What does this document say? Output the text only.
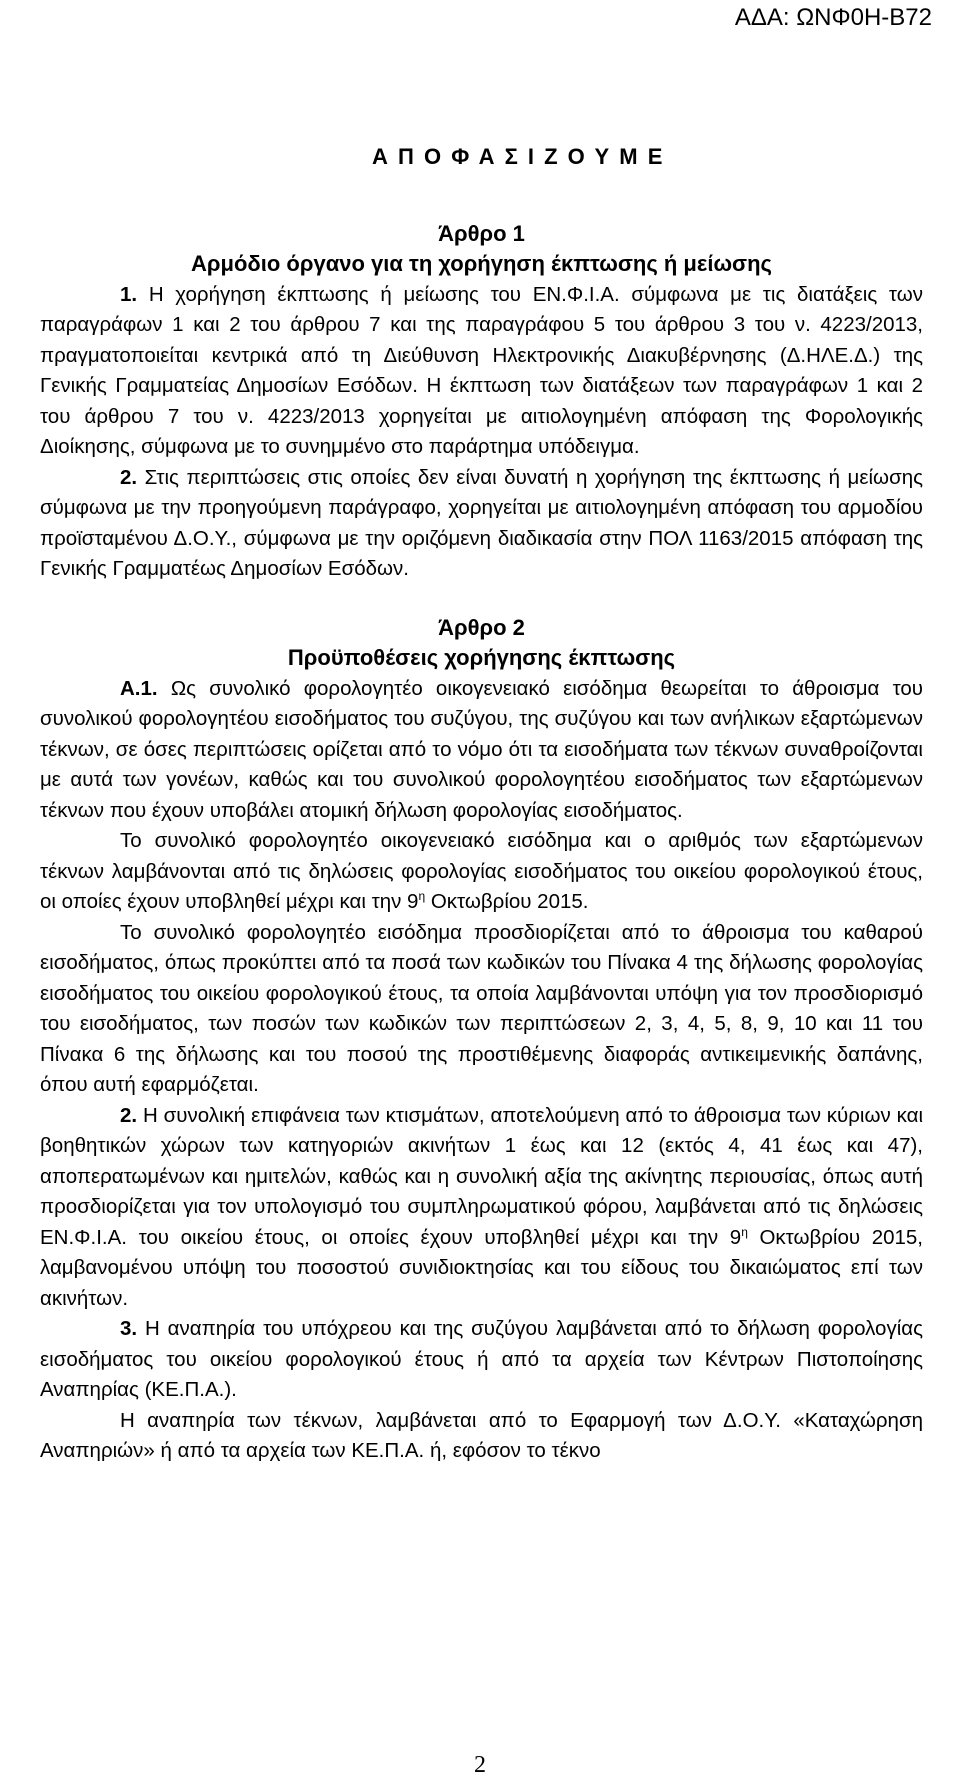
ΑΔΑ: ΩΝΦ0Η-Β72

Α Π Ο Φ Α Σ Ι Ζ Ο Υ Μ Ε

Άρθρο 1

Αρμόδιο όργανο για τη χορήγηση έκπτωσης ή μείωσης

1. Η χορήγηση έκπτωσης ή μείωσης του ΕΝ.Φ.Ι.Α. σύμφωνα με τις διατάξεις των παραγράφων 1 και 2 του άρθρου 7 και της παραγράφου 5 του άρθρου 3 του ν. 4223/2013, πραγματοποιείται κεντρικά από τη Διεύθυνση Ηλεκτρονικής Διακυβέρνησης (Δ.ΗΛΕ.Δ.) της Γενικής Γραμματείας Δημοσίων Εσόδων. Η έκπτωση των διατάξεων των παραγράφων 1 και 2 του άρθρου 7 του ν. 4223/2013 χορηγείται με αιτιολογημένη απόφαση της Φορολογικής Διοίκησης, σύμφωνα με το συνημμένο στο παράρτημα υπόδειγμα.

2. Στις περιπτώσεις στις οποίες δεν είναι δυνατή η χορήγηση της έκπτωσης ή μείωσης σύμφωνα με την προηγούμενη παράγραφο, χορηγείται με αιτιολογημένη απόφαση του αρμοδίου προϊσταμένου Δ.Ο.Υ., σύμφωνα με την οριζόμενη διαδικασία στην ΠΟΛ 1163/2015 απόφαση της Γενικής Γραμματέως Δημοσίων Εσόδων.

Άρθρο 2

Προϋποθέσεις χορήγησης έκπτωσης

Α.1. Ως συνολικό φορολογητέο οικογενειακό εισόδημα θεωρείται το άθροισμα του συνολικού φορολογητέου εισοδήματος του συζύγου, της συζύγου και των ανήλικων εξαρτώμενων τέκνων, σε όσες περιπτώσεις ορίζεται από το νόμο ότι τα εισοδήματα των τέκνων συναθροίζονται με αυτά των γονέων, καθώς και του συνολικού φορολογητέου εισοδήματος των εξαρτώμενων τέκνων που έχουν υποβάλει ατομική δήλωση φορολογίας εισοδήματος.

Το συνολικό φορολογητέο οικογενειακό εισόδημα και ο αριθμός των εξαρτώμενων τέκνων λαμβάνονται από τις δηλώσεις φορολογίας εισοδήματος του οικείου φορολογικού έτους, οι οποίες έχουν υποβληθεί μέχρι και την $9^\eta$ Οκτωβρίου 2015.

Το συνολικό φορολογητέο εισόδημα προσδιορίζεται από το άθροισμα του καθαρού εισοδήματος, όπως προκύπτει από τα ποσά των κωδικών του Πίνακα 4 της δήλωσης φορολογίας εισοδήματος του οικείου φορολογικού έτους, τα οποία λαμβάνονται υπόψη για τον προσδιορισμό του εισοδήματος, των ποσών των κωδικών των περιπτώσεων 2, 3, 4, 5, 8, 9, 10 και 11 του Πίνακα 6 της δήλωσης και του ποσού της προστιθέμενης διαφοράς αντικειμενικής δαπάνης, όπου αυτή εφαρμόζεται.

2. Η συνολική επιφάνεια των κτισμάτων, αποτελούμενη από το άθροισμα των κύριων και βοηθητικών χώρων των κατηγοριών ακινήτων 1 έως και 12 (εκτός 4, 41 έως και 47), αποπερατωμένων και ημιτελών, καθώς και η συνολική αξία της ακίνητης περιουσίας, όπως αυτή προσδιορίζεται για τον υπολογισμό του συμπληρωματικού φόρου, λαμβάνεται από τις δηλώσεις ΕΝ.Φ.Ι.Α. του οικείου έτους, οι οποίες έχουν υποβληθεί μέχρι και την $9^\eta$ Οκτωβρίου 2015, λαμβανομένου υπόψη του ποσοστού συνιδιοκτησίας και του είδους του δικαιώματος επί των ακινήτων.

3. Η αναπηρία του υπόχρεου και της συζύγου λαμβάνεται από το δήλωση φορολογίας εισοδήματος του οικείου φορολογικού έτους ή από τα αρχεία των Κέντρων Πιστοποίησης Αναπηρίας (ΚΕ.Π.Α.).

Η αναπηρία των τέκνων, λαμβάνεται από το Εφαρμογή των Δ.Ο.Υ. «Καταχώρηση Αναπηριών» ή από τα αρχεία των ΚΕ.Π.Α. ή, εφόσον το τέκνο

2
